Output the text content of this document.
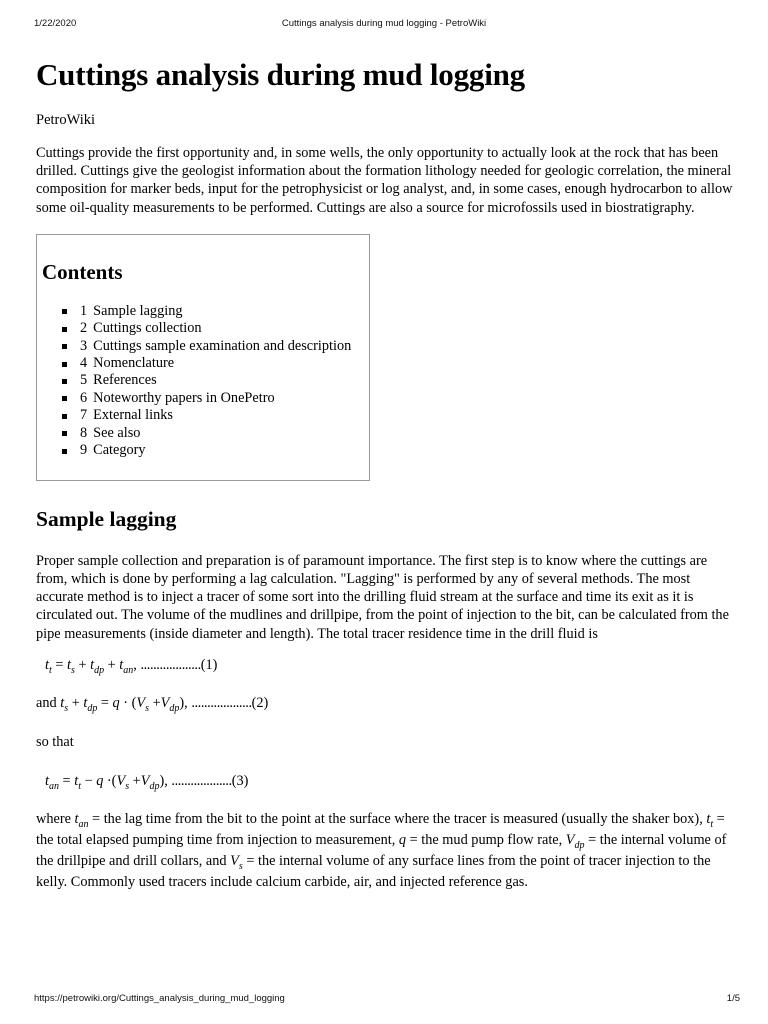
1/22/2020	Cuttings analysis during mud logging - PetroWiki
Cuttings analysis during mud logging
PetroWiki

Cuttings provide the first opportunity and, in some wells, the only opportunity to actually look at the rock that has been drilled. Cuttings give the geologist information about the formation lithology needed for geologic correlation, the mineral composition for marker beds, input for the petrophysicist or log analyst, and, in some cases, enough hydrocarbon to allow some oil-quality measurements to be performed. Cuttings are also a source for microfossils used in biostratigraphy.

Contents
1 Sample lagging
2 Cuttings collection
3 Cuttings sample examination and description
4 Nomenclature
5 References
6 Noteworthy papers in OnePetro
7 External links
8 See also
9 Category
Sample lagging

Proper sample collection and preparation is of paramount importance. The first step is to know where the cuttings are from, which is done by performing a lag calculation. "Lagging" is performed by any of several methods. The most accurate method is to inject a tracer of some sort into the drilling fluid stream at the surface and time its exit as it is circulated out. The volume of the mudlines and drillpipe, from the point of injection to the bit, can be calculated from the pipe measurements (inside diameter and length). The total tracer residence time in the drill fluid is

$t_t = t_s + t_{dp} + t_{an}$, ...................(1)
and $t_s + t_{dp} = q \cdot (V_s +V_{dp})$, ...................(2)
so that
$t_{an} = t_t - q \cdot(V_s +V_{dp})$, ...................(3)

where $t_{an}$ = the lag time from the bit to the point at the surface where the tracer is measured (usually the shaker box), $t_t$ = the total elapsed pumping time from injection to measurement, q = the mud pump flow rate, $V_{dp}$ = the internal volume of the drillpipe and drill collars, and $V_s$ = the internal volume of any surface lines from the point of tracer injection to the kelly. Commonly used tracers include calcium carbide, air, and injected reference gas.

https://petrowiki.org/Cuttings_analysis_during_mud_logging	1/5
